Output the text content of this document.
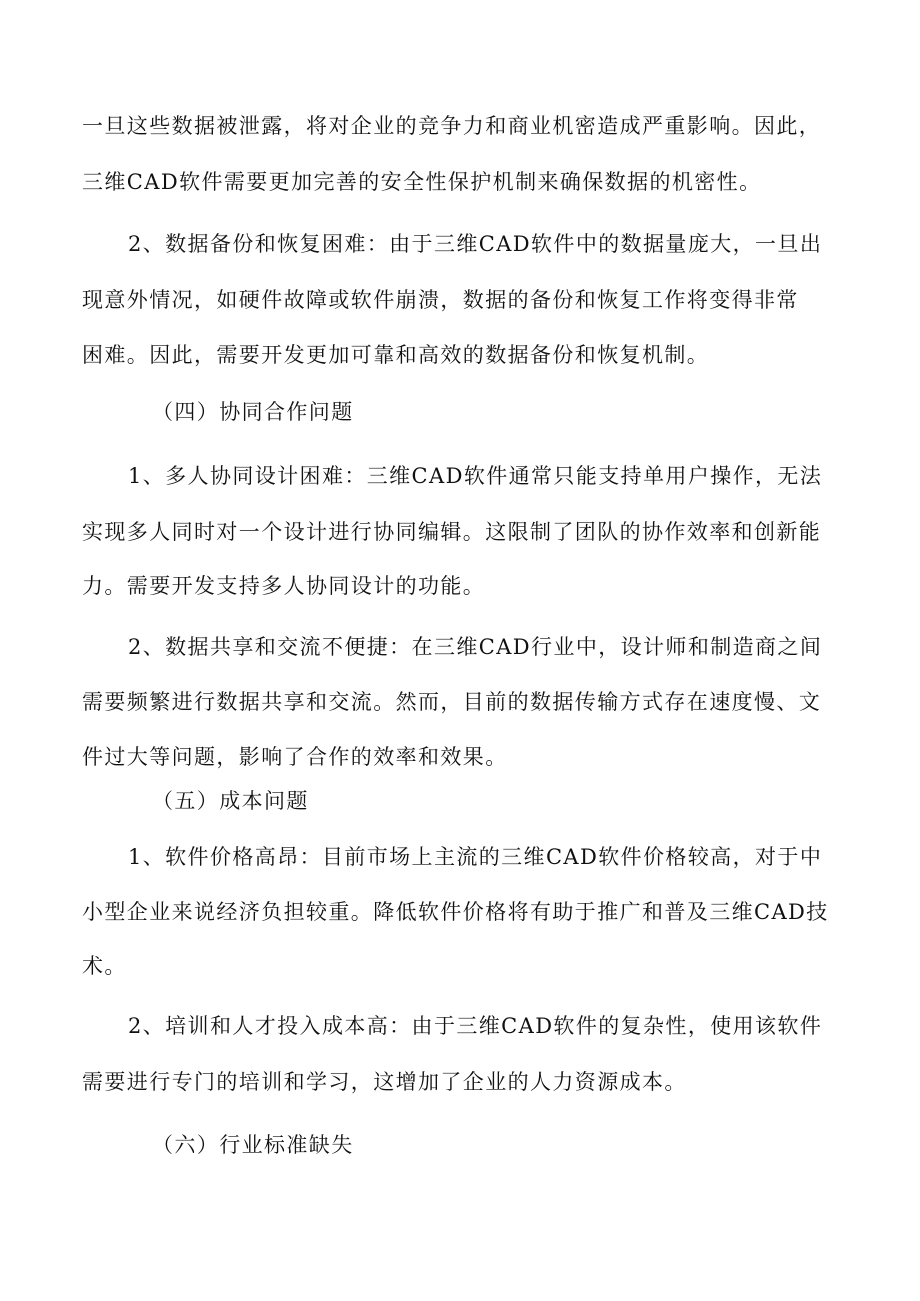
一旦这些数据被泄露，将对企业的竞争力和商业机密造成严重影响。因此，
三维CAD软件需要更加完善的安全性保护机制来确保数据的机密性。
2、数据备份和恢复困难：由于三维CAD软件中的数据量庞大，一旦出
现意外情况，如硬件故障或软件崩溃，数据的备份和恢复工作将变得非常
困难。因此，需要开发更加可靠和高效的数据备份和恢复机制。
（四）协同合作问题
1、多人协同设计困难：三维CAD软件通常只能支持单用户操作，无法
实现多人同时对一个设计进行协同编辑。这限制了团队的协作效率和创新能
力。需要开发支持多人协同设计的功能。
2、数据共享和交流不便捷：在三维CAD行业中，设计师和制造商之间
需要频繁进行数据共享和交流。然而，目前的数据传输方式存在速度慢、文
件过大等问题，影响了合作的效率和效果。
（五）成本问题
1、软件价格高昂：目前市场上主流的三维CAD软件价格较高，对于中
小型企业来说经济负担较重。降低软件价格将有助于推广和普及三维CAD技
术。
2、培训和人才投入成本高：由于三维CAD软件的复杂性，使用该软件
需要进行专门的培训和学习，这增加了企业的人力资源成本。
（六）行业标准缺失
